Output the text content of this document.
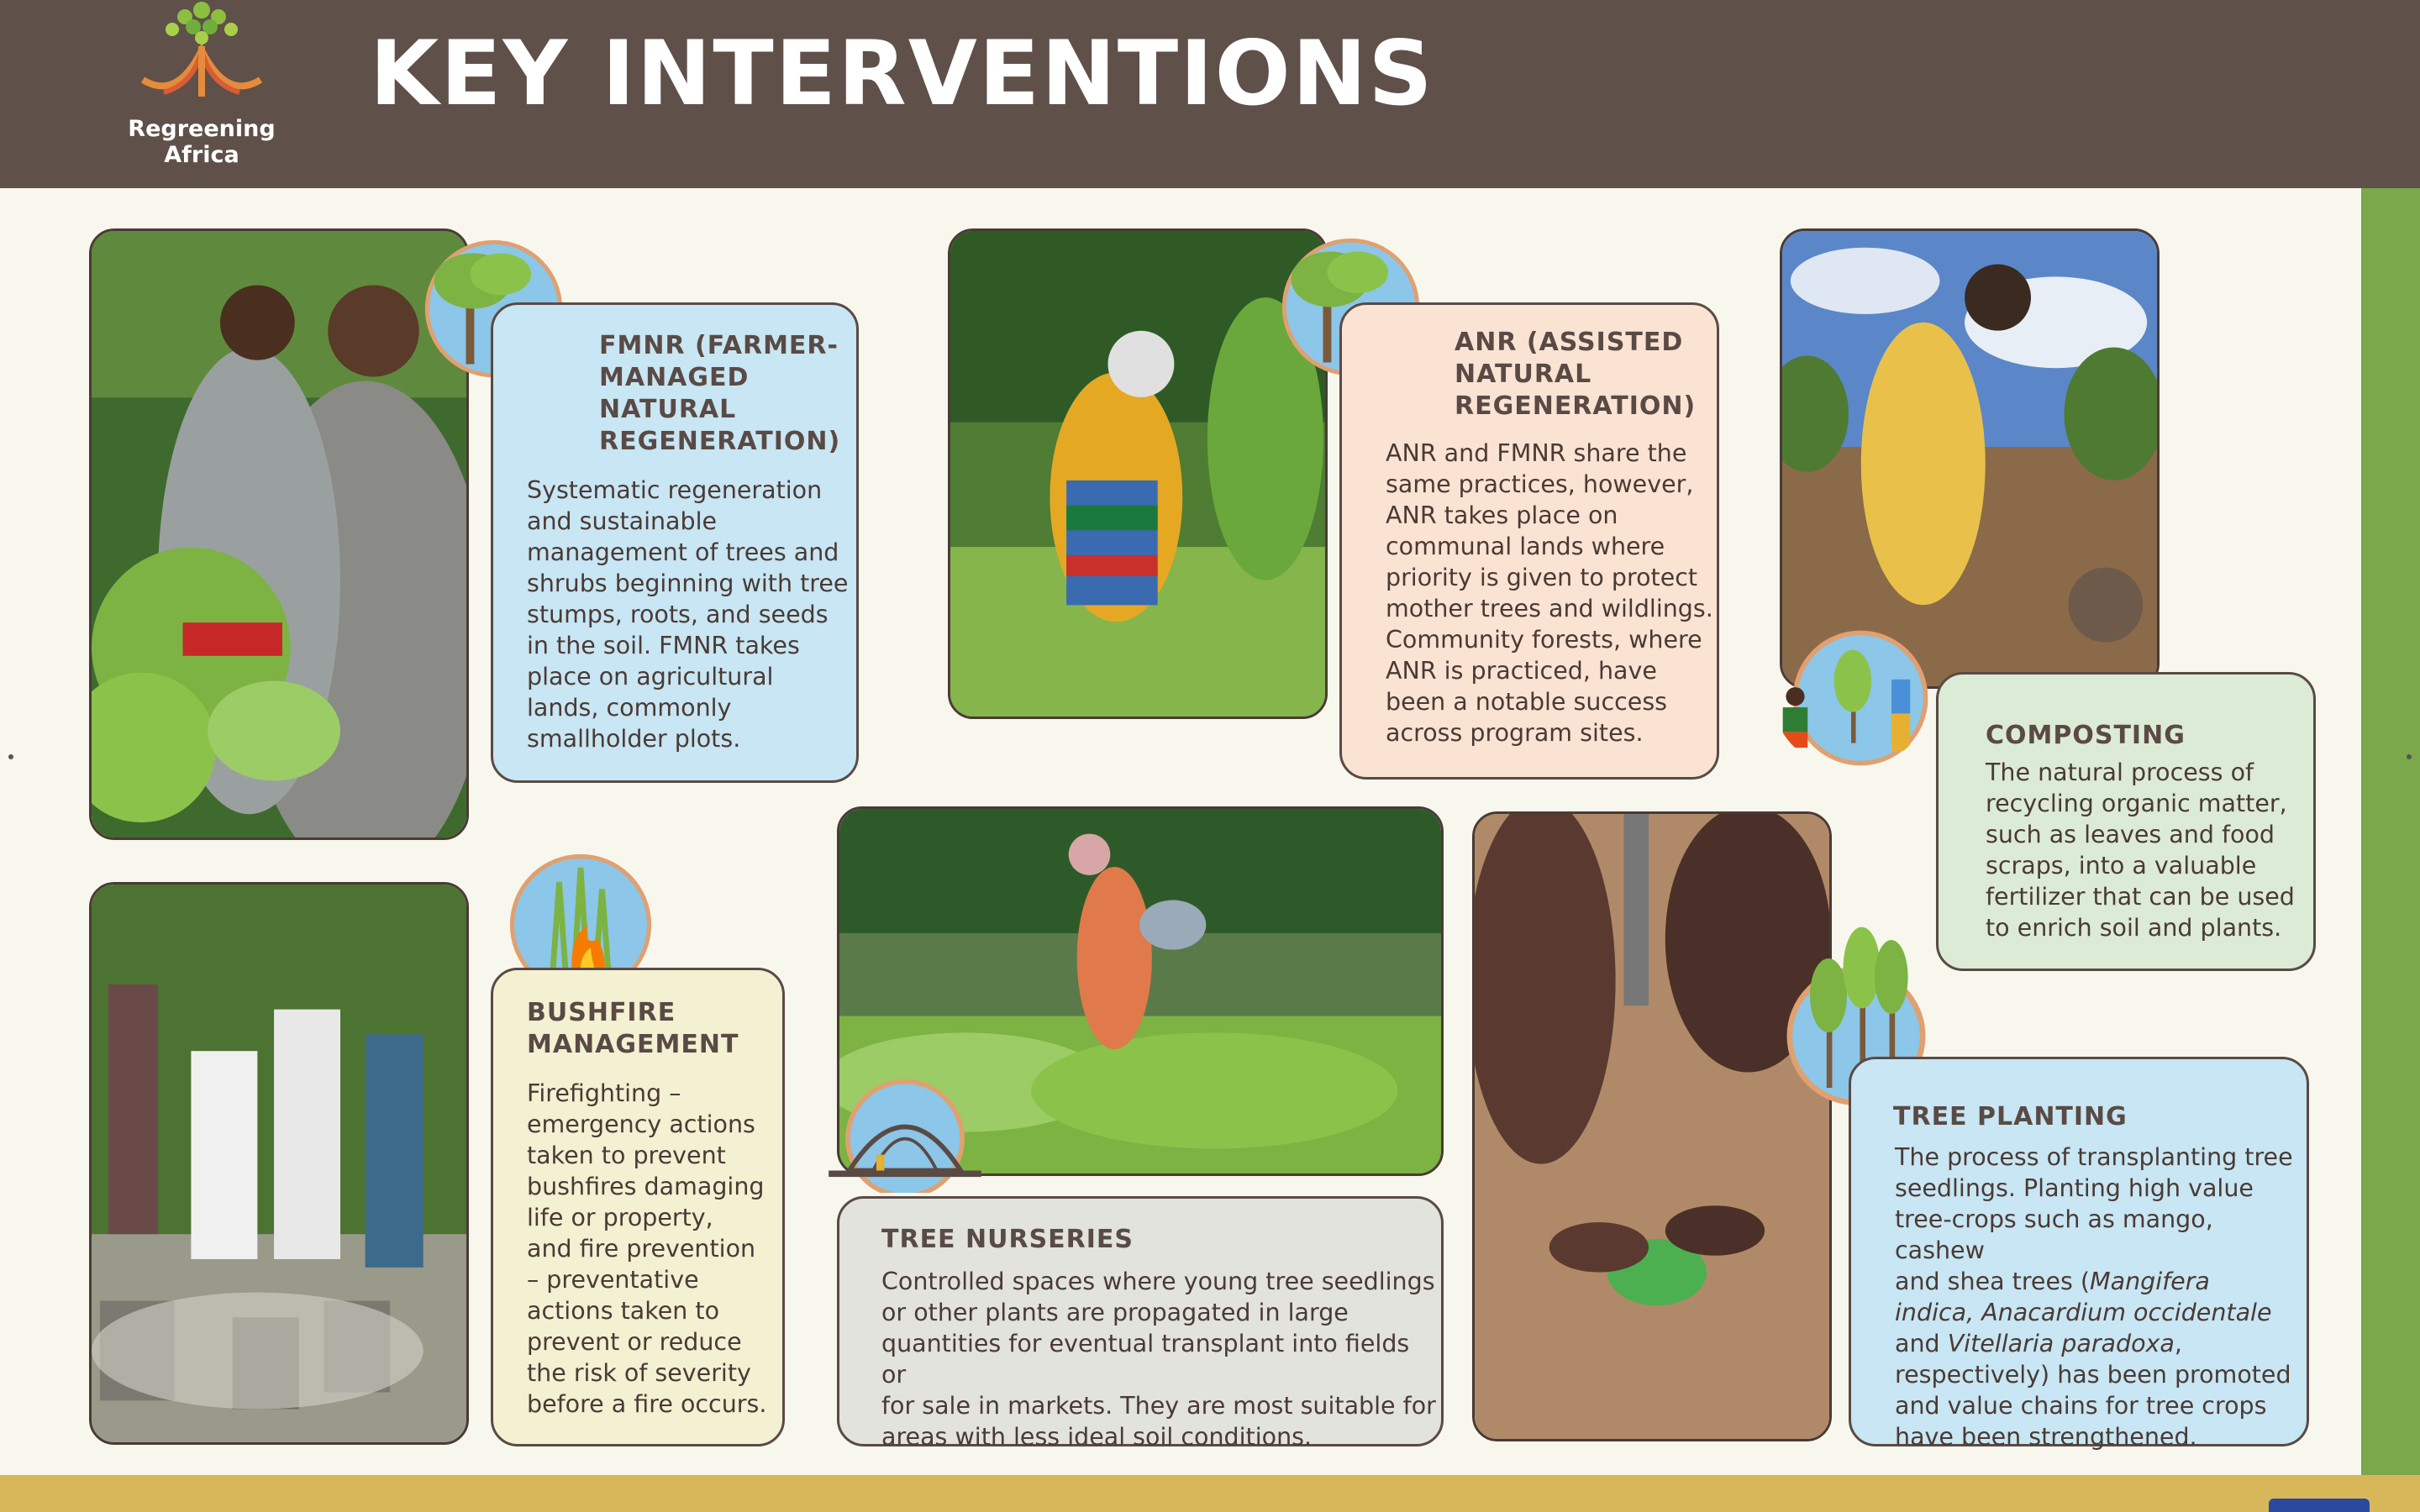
Regreening Africa
KEY INTERVENTIONS
FMNR (FARMER-
MANAGED
NATURAL
REGENERATION)

Systematic regeneration
and sustainable
management of trees and
shrubs beginning with tree
stumps, roots, and seeds
in the soil. FMNR takes
place on agricultural
lands, commonly
smallholder plots.

ANR (ASSISTED
NATURAL
REGENERATION)

ANR and FMNR share the
same practices, however,
ANR takes place on
communal lands where
priority is given to protect
mother trees and wildlings.
Community forests, where
ANR is practiced, have
been a notable success
across program sites.	COMPOSTING

The natural process of
recycling organic matter,
such as leaves and food
scraps, into a valuable
fertilizer that can be used
to enrich soil and plants.

BUSHFIRE
MANAGEMENT

Firefighting –
emergency actions
taken to prevent
bushfires damaging
life or property,
and fire prevention
– preventative
actions taken to
prevent or reduce
the risk of severity
before a fire occurs.

TREE NURSERIES

Controlled spaces where young tree seedlings
or other plants are propagated in large
quantities for eventual transplant into fields or
for sale in markets. They are most suitable for
areas with less ideal soil conditions.

TREE PLANTING

The process of transplanting tree
seedlings. Planting high value
tree-crops such as mango, cashew
and shea trees (Mangifera
indica, Anacardium occidentale
and Vitellaria paradoxa,
respectively) has been promoted
and value chains for tree crops
have been strengthened.
